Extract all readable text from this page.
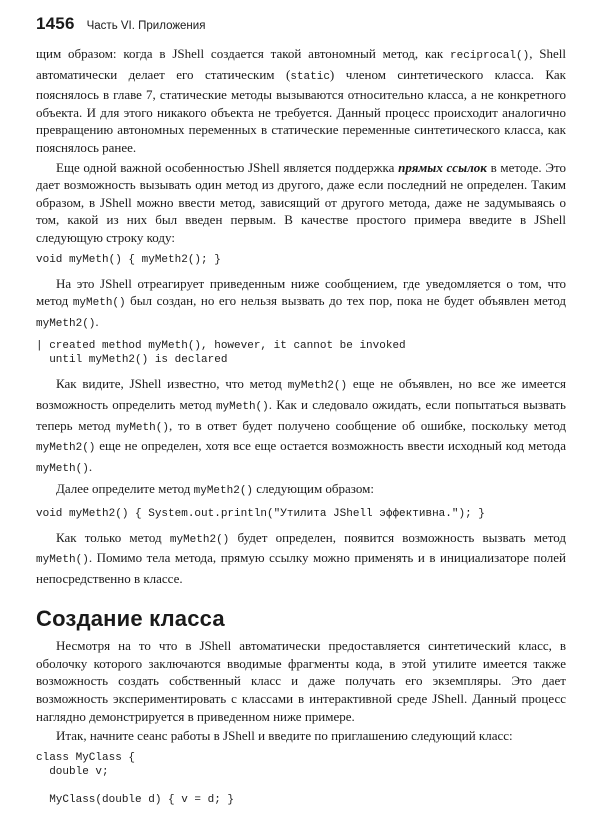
1456 Часть VI. Приложения

щим образом: когда в JShell создается такой автономный метод, как reciprocal(), Shell автоматически делает его статическим (static) членом синтетического класса. Как пояснялось в главе 7, статические методы вызываются относительно класса, а не конкретного объекта. И для этого никакого объекта не требуется. Данный процесс происходит аналогично превращению автономных переменных в статические переменные синтетического класса, как пояснялось ранее.

Еще одной важной особенностью JShell является поддержка прямых ссылок в методе. Это дает возможность вызывать один метод из другого, даже если последний не определен. Таким образом, в JShell можно ввести метод, зависящий от другого метода, даже не задумываясь о том, какой из них был введен первым. В качестве простого примера введите в JShell следующую строку коду:

void myMeth() { myMeth2(); }

На это JShell отреагирует приведенным ниже сообщением, где уведомляется о том, что метод myMeth() был создан, но его нельзя вызвать до тех пор, пока не будет объявлен метод myMeth2().

| created method myMeth(), however, it cannot be invoked
until myMeth2() is declared

Как видите, JShell известно, что метод myMeth2() еще не объявлен, но все же имеется возможность определить метод myMeth(). Как и следовало ожидать, если попытаться вызвать теперь метод myMeth(), то в ответ будет получено сообщение об ошибке, поскольку метод myMeth2() еще не определен, хотя все еще остается возможность ввести исходный код метода myMeth().

Далее определите метод myMeth2() следующим образом:

void myMeth2() { System.out.println("Утилита JShell эффективна."); }

Как только метод myMeth2() будет определен, появится возможность вызвать метод myMeth(). Помимо тела метода, прямую ссылку можно применять и в инициализаторе полей непосредственно в классе.

Создание класса

Несмотря на то что в JShell автоматически предоставляется синтетический класс, в оболочку которого заключаются вводимые фрагменты кода, в этой утилите имеется также возможность создать собственный класс и даже получать его экземпляры. Это дает возможность экспериментировать с классами в интерактивной среде JShell. Данный процесс наглядно демонстрируется в приведенном ниже примере.

Итак, начните сеанс работы в JShell и введите по приглашению следующий класс:

class MyClass {
double v;

MyClass(double d) { v = d; }
